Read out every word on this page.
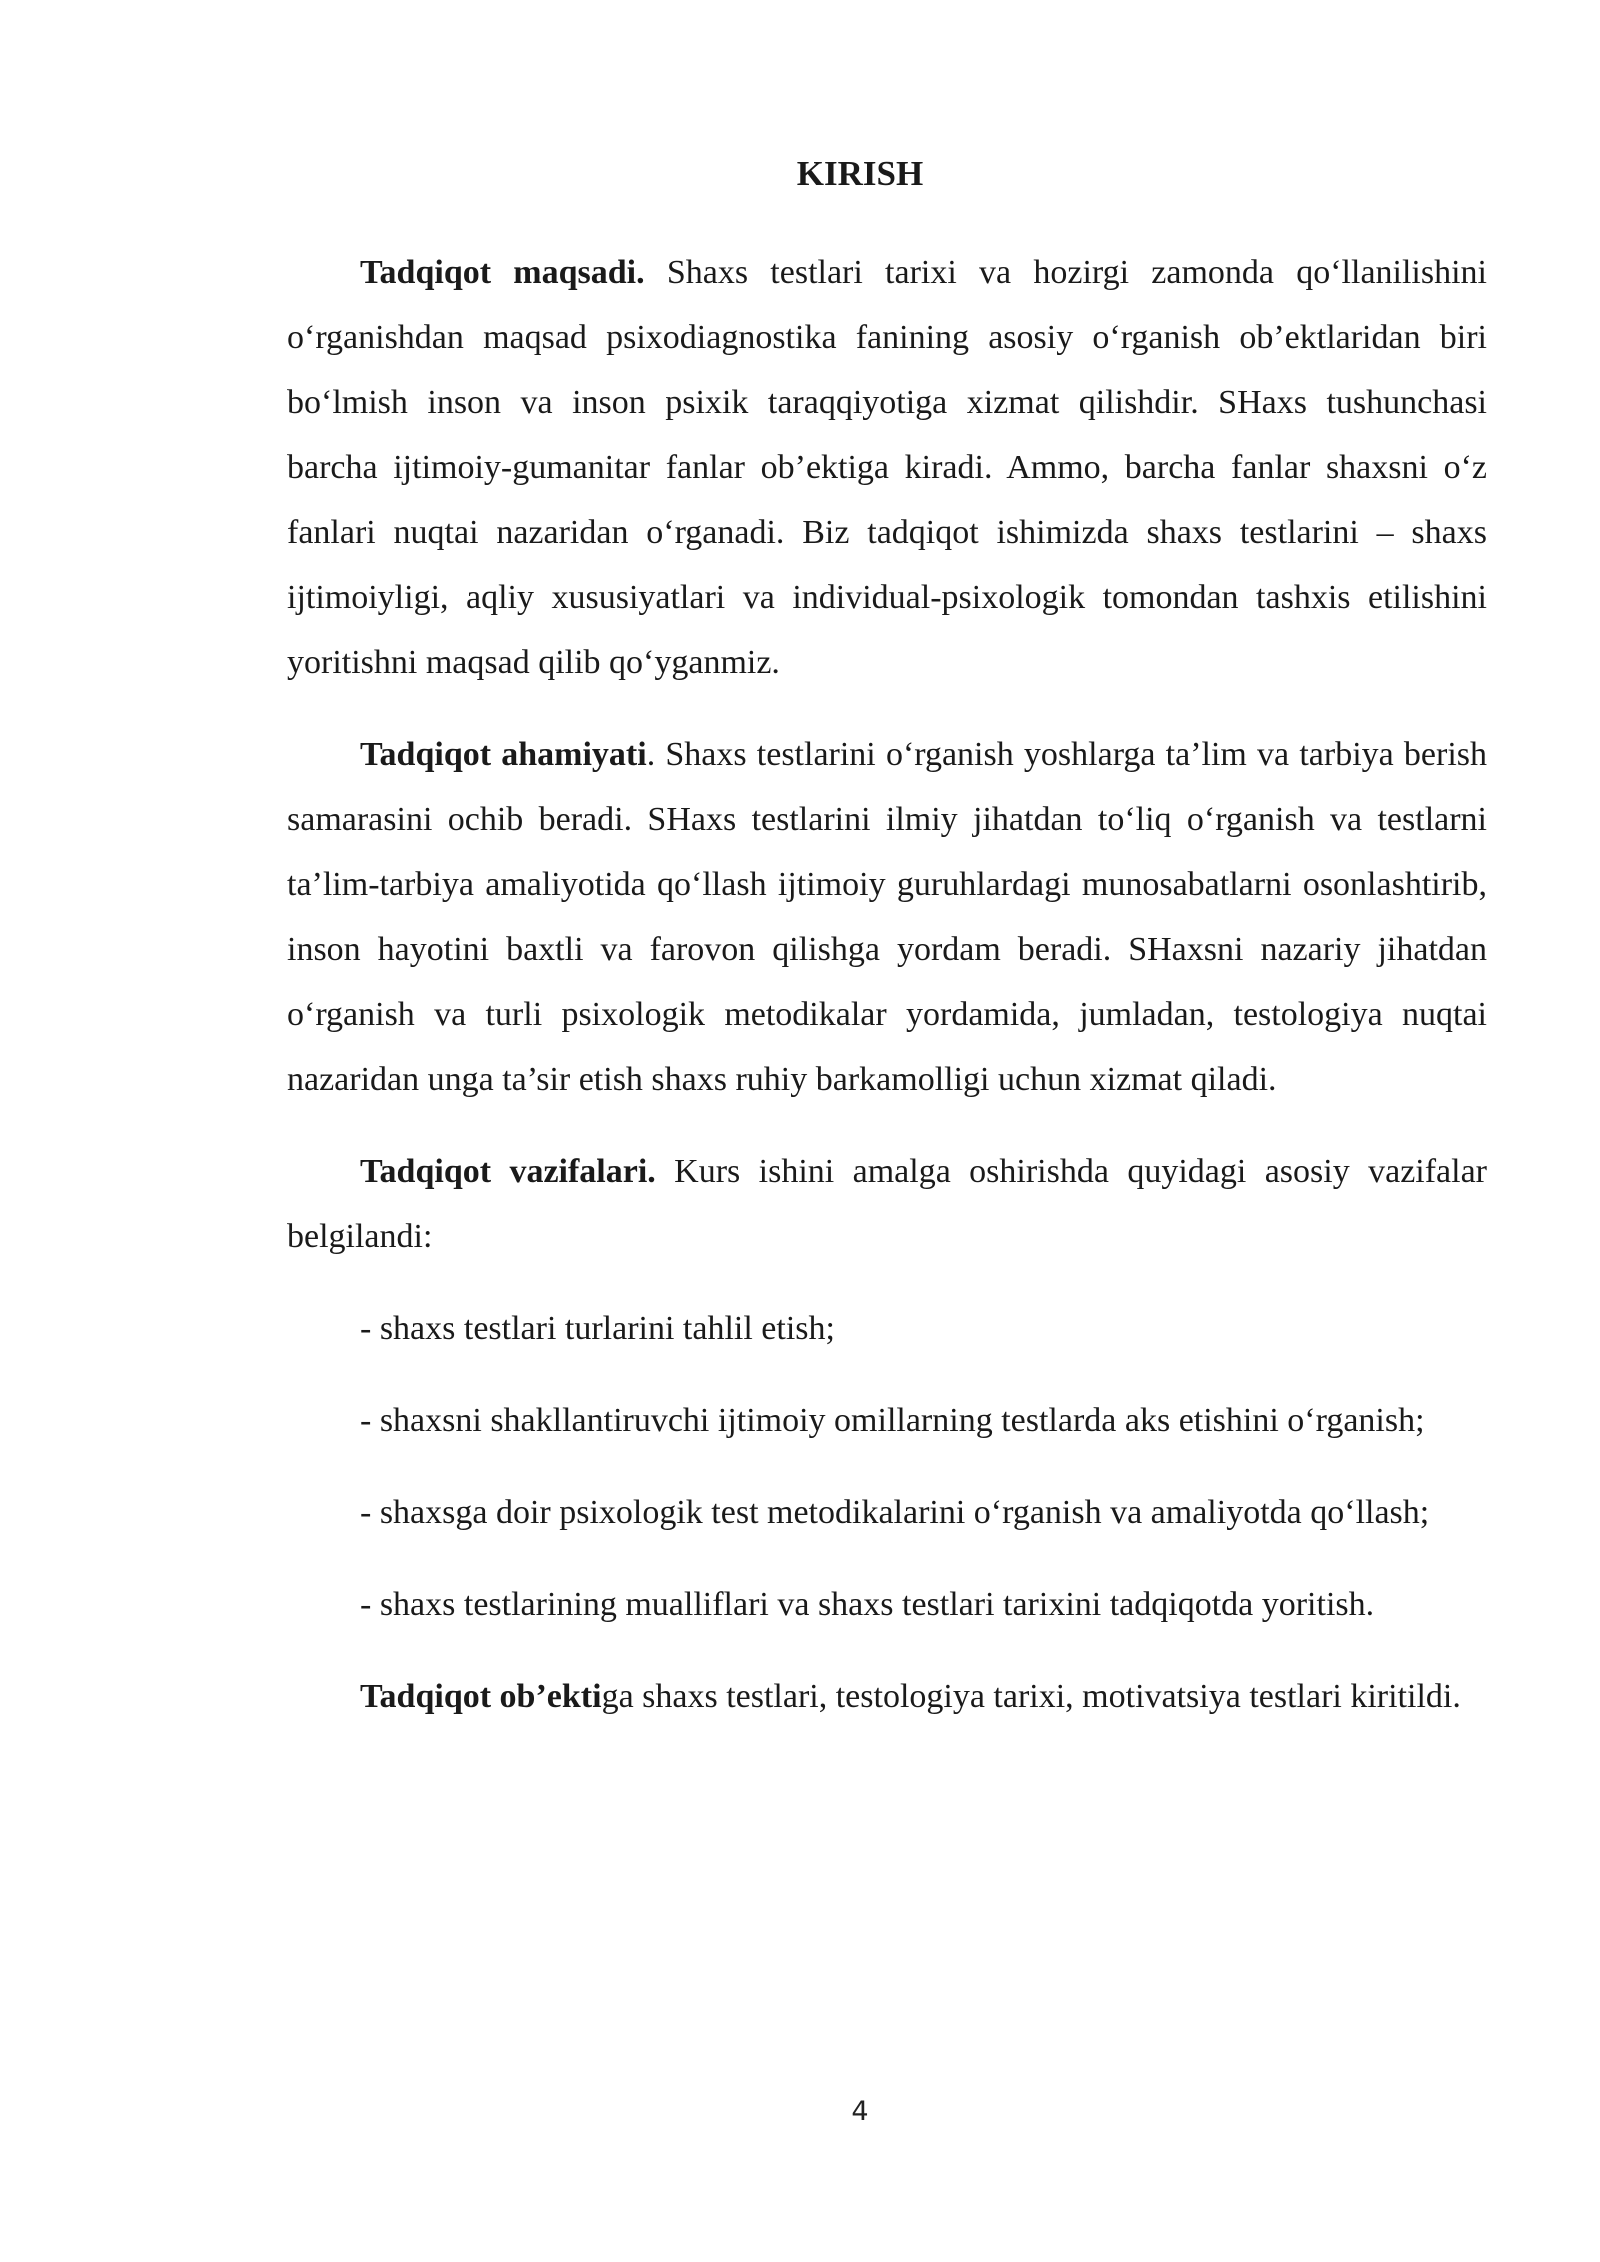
KIRISH

Tadqiqot maqsadi. Shaxs testlari tarixi va hozirgi zamonda qo‘llanilishini o‘rganishdan maqsad psixodiagnostika fanining asosiy o‘rganish ob’ektlaridan biri bo‘lmish inson va inson psixik taraqqiyotiga xizmat qilishdir. SHaxs tushunchasi barcha ijtimoiy-gumanitar fanlar ob’ektiga kiradi. Ammo, barcha fanlar shaxsni o‘z fanlari nuqtai nazaridan o‘rganadi. Biz tadqiqot ishimizda shaxs testlarini – shaxs ijtimoiyligi, aqliy xususiyatlari va individual-psixologik tomondan tashxis etilishini yoritishni maqsad qilib qo‘yganmiz.

Tadqiqot ahamiyati. Shaxs testlarini o‘rganish yoshlarga ta’lim va tarbiya berish samarasini ochib beradi. SHaxs testlarini ilmiy jihatdan to‘liq o‘rganish va testlarni ta’lim-tarbiya amaliyotida qo‘llash ijtimoiy guruhlardagi munosabatlarni osonlashtirib, inson hayotini baxtli va farovon qilishga yordam beradi. SHaxsni nazariy jihatdan o‘rganish va turli psixologik metodikalar yordamida, jumladan, testologiya nuqtai nazaridan unga ta’sir etish shaxs ruhiy barkamolligi uchun xizmat qiladi.

Tadqiqot vazifalari. Kurs ishini amalga oshirishda quyidagi asosiy vazifalar belgilandi:

- shaxs testlari turlarini tahlil etish;

- shaxsni shakllantiruvchi ijtimoiy omillarning testlarda aks etishini o‘rganish;

- shaxsga doir psixologik test metodikalarini o‘rganish va amaliyotda qo‘llash;

- shaxs testlarining mualliflari va shaxs testlari tarixini tadqiqotda yoritish.

Tadqiqot ob’ektiga shaxs testlari, testologiya tarixi, motivatsiya testlari kiritildi.

4
